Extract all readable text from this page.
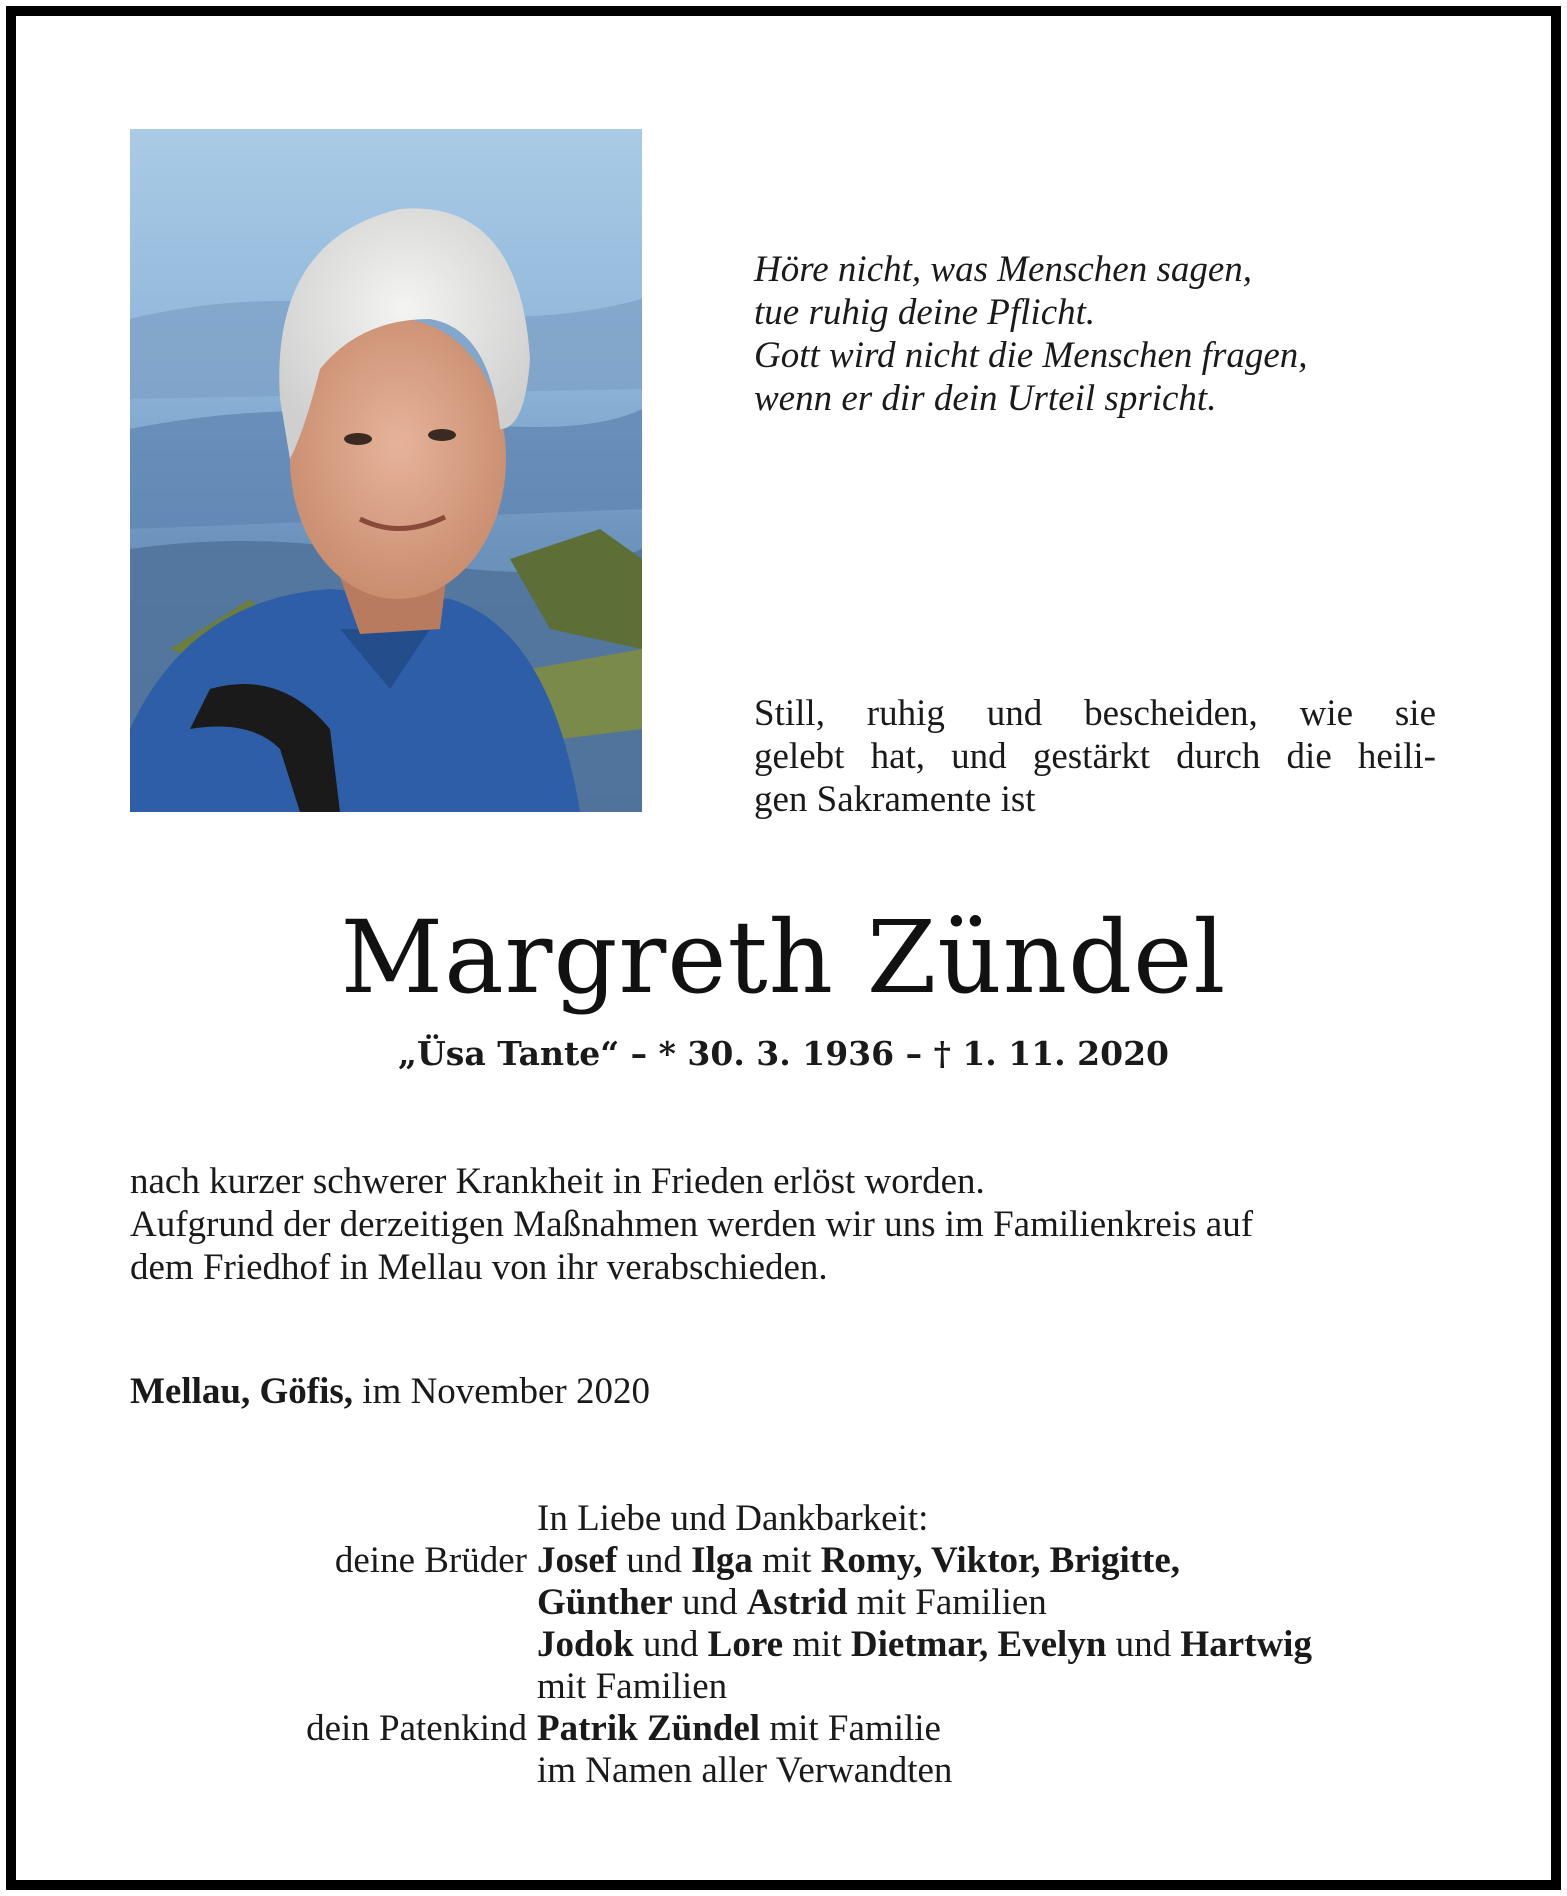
Höre nicht, was Menschen sagen,
tue ruhig deine Pflicht.
Gott wird nicht die Menschen fragen,
wenn er dir dein Urteil spricht.
Still, ruhig und bescheiden, wie sie
gelebt hat, und gestärkt durch die heili-
gen Sakramente ist
Margreth Zündel
„Üsa Tante“ – * 30. 3. 1936 – † 1. 11. 2020
nach kurzer schwerer Krankheit in Frieden erlöst worden.
Aufgrund der derzeitigen Maßnahmen werden wir uns im Familienkreis auf
dem Friedhof in Mellau von ihr verabschieden.
Mellau, Göfis, im November 2020
In Liebe und Dankbarkeit:
deine Brüder Josef und Ilga mit Romy, Viktor, Brigitte,
Günther und Astrid mit Familien
Jodok und Lore mit Dietmar, Evelyn und Hartwig
mit Familien
dein Patenkind Patrik Zündel mit Familie
im Namen aller Verwandten
